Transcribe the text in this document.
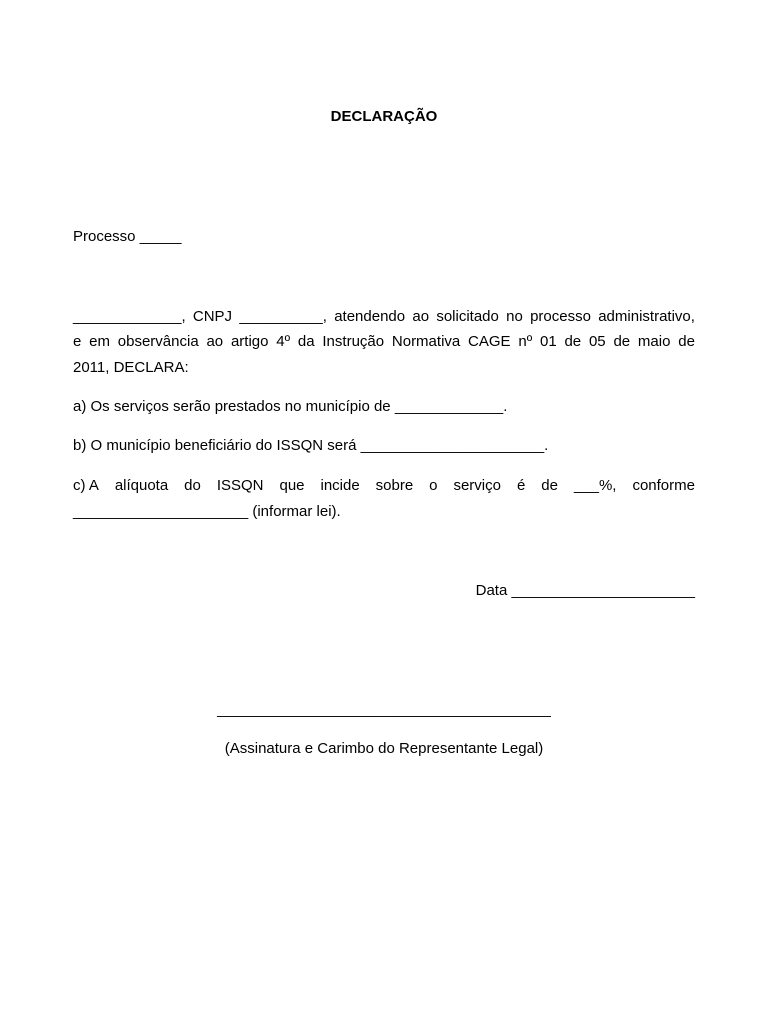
DECLARAÇÃO
Processo _____
_____________, CNPJ __________, atendendo ao solicitado no processo administrativo,
e em observância ao artigo 4º da Instrução Normativa CAGE nº 01 de 05 de maio de
2011, DECLARA:
a) Os serviços serão prestados no município de _____________.
b) O município beneficiário do ISSQN será ______________________.
c) A alíquota do ISSQN que incide sobre o serviço é de ___%, conforme
_____________________ (informar lei).
Data ______________________
________________________________________
(Assinatura e Carimbo do Representante Legal)
